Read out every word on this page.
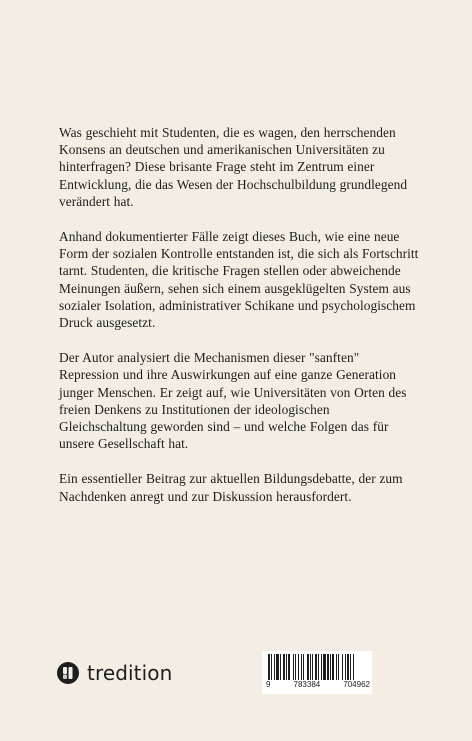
Was geschieht mit Studenten, die es wagen, den herrschenden Konsens an deutschen und amerikanischen Universitäten zu hinterfragen? Diese brisante Frage steht im Zentrum einer Entwicklung, die das Wesen der Hochschulbildung grundlegend verändert hat.

Anhand dokumentierter Fälle zeigt dieses Buch, wie eine neue Form der sozialen Kontrolle entstanden ist, die sich als Fortschritt tarnt. Studenten, die kritische Fragen stellen oder abweichende Meinungen äußern, sehen sich einem ausgeklügelten System aus sozialer Isolation, administrativer Schikane und psychologischem Druck ausgesetzt.

Der Autor analysiert die Mechanismen dieser "sanften" Repression und ihre Auswirkungen auf eine ganze Generation junger Menschen. Er zeigt auf, wie Universitäten von Orten des freien Denkens zu Institutionen der ideologischen Gleichschaltung geworden sind – und welche Folgen das für unsere Gesellschaft hat.

Ein essentieller Beitrag zur aktuellen Bildungsdebatte, der zum Nachdenken anregt und zur Diskussion herausfordert.

tredition	9	783384	704962
